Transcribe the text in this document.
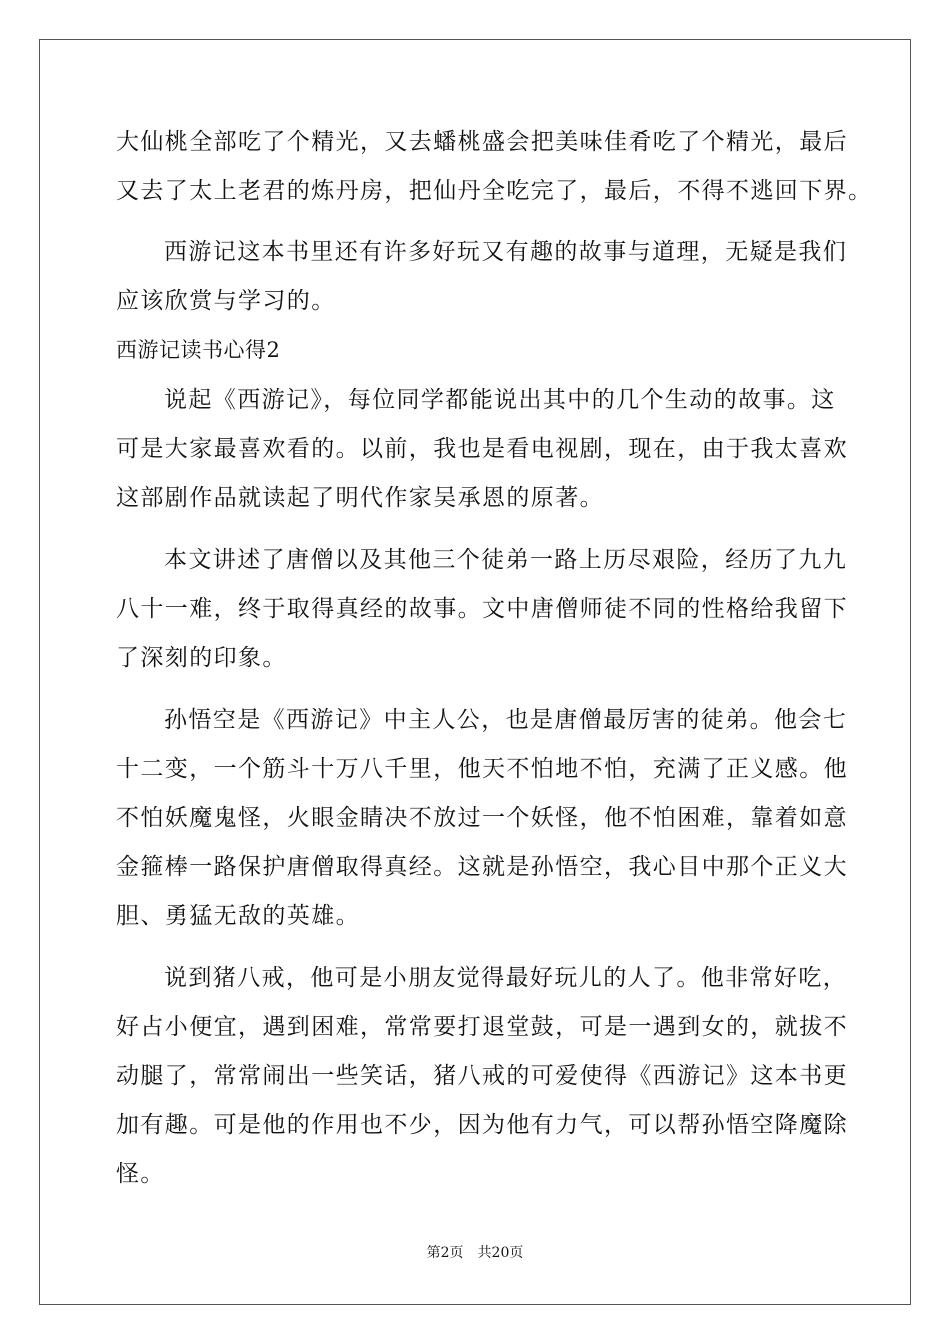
大仙桃全部吃了个精光，又去蟠桃盛会把美味佳肴吃了个精光，最后
又去了太上老君的炼丹房，把仙丹全吃完了，最后，不得不逃回下界。
西游记这本书里还有许多好玩又有趣的故事与道理，无疑是我们
应该欣赏与学习的。
西游记读书心得2
说起《西游记》，每位同学都能说出其中的几个生动的故事。这
可是大家最喜欢看的。以前，我也是看电视剧，现在，由于我太喜欢
这部剧作品就读起了明代作家吴承恩的原著。
本文讲述了唐僧以及其他三个徒弟一路上历尽艰险，经历了九九
八十一难，终于取得真经的故事。文中唐僧师徒不同的性格给我留下
了深刻的印象。
孙悟空是《西游记》中主人公，也是唐僧最厉害的徒弟。他会七
十二变，一个筋斗十万八千里，他天不怕地不怕，充满了正义感。他
不怕妖魔鬼怪，火眼金睛决不放过一个妖怪，他不怕困难，靠着如意
金箍棒一路保护唐僧取得真经。这就是孙悟空，我心目中那个正义大
胆、勇猛无敌的英雄。
说到猪八戒，他可是小朋友觉得最好玩儿的人了。他非常好吃，
好占小便宜，遇到困难，常常要打退堂鼓，可是一遇到女的，就拔不
动腿了，常常闹出一些笑话，猪八戒的可爱使得《西游记》这本书更
加有趣。可是他的作用也不少，因为他有力气，可以帮孙悟空降魔除
怪。
第2页 共20页
